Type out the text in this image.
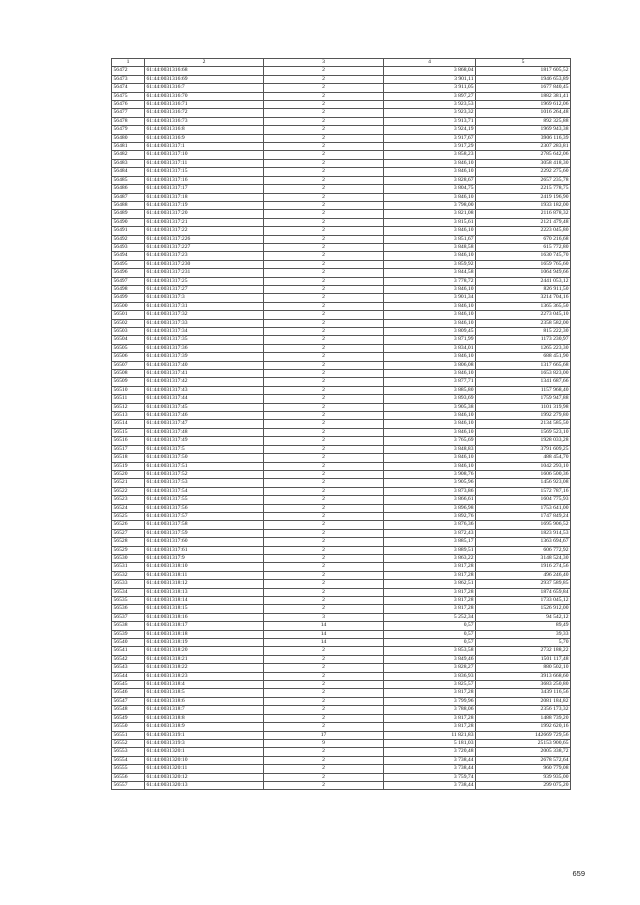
1	2	3	4	5
56472	61:44:0031316:68	2	3 868,04	1817 605,52
56473	61:44:0031316:69	2	3 901,11	1946 653,89
56474	61:44:0031316:7	2	3 911,05	1677 840,45
56475	61:44:0031316:70	2	3 897,27	1882 381,41
56476	61:44:0031316:71	2	3 923,53	1969 612,06
56477	61:44:0031316:72	2	3 923,32	1016 264,48
56478	61:44:0031316:73	2	3 913,71	892 325,88
56479	61:44:0031316:8	2	3 924,19	1969 943,38
56480	61:44:0031316:9	2	3 917,67	3906 116,39
56481	61:44:0031317:1	2	3 917,29	2307 283,81
56482	61:44:0031317:10	2	3 858,23	2785 642,06
56483	61:44:0031317:11	2	3 846,10	3058 418,30
56484	61:44:0031317:15	2	3 846,10	2292 275,60
56485	61:44:0031317:16	2	3 828,67	2657 235,78
56486	61:44:0031317:17	2	3 804,75	2215 778,75
56487	61:44:0031317:18	2	3 846,10	2419 196,90
56488	61:44:0031317:19	2	3 798,00	1933 182,00
56489	61:44:0031317:20	2	3 821,08	2116 878,32
56490	61:44:0031317:21	2	3 815,61	2121 479,48
56491	61:44:0031317:22	2	3 846,10	2223 045,80
56492	61:44:0031317:226	2	3 851,67	670 216,68
56493	61:44:0031317:227	2	3 848,58	615 772,80
56494	61:44:0031317:23	2	3 846,10	1630 745,70
56495	61:44:0031317:230	2	3 859,92	1659 765,60
56496	61:44:0031317:231	2	3 844,58	1064 949,66
56497	61:44:0031317:25	2	3 778,72	2441 053,12
56498	61:44:0031317:27	2	3 846,10	826 911,50
56499	61:44:0031317:3	2	3 901,34	3214 704,16
56500	61:44:0031317:31	2	3 846,10	1365 365,50
56501	61:44:0031317:32	2	3 846,10	2273 045,10
56502	61:44:0031317:33	2	3 846,10	2358 582,00
56503	61:44:0031317:34	2	3 809,45	815 222,30
56504	61:44:0031317:35	2	3 871,99	1173 230,97
56505	61:44:0031317:36	2	3 834,01	1265 223,30
56506	61:44:0031317:39	2	3 846,10	688 451,90
56507	61:44:0031317:40	2	3 806,08	1317 665,68
56508	61:44:0031317:41	2	3 846,10	1653 823,00
56509	61:44:0031317:42	2	3 877,71	1341 687,66
56510	61:44:0031317:43	2	3 885,80	1157 968,40
56511	61:44:0031317:44	2	3 893,69	1759 947,88
56512	61:44:0031317:45	2	3 905,38	1101 319,98
56513	61:44:0031317:46	2	3 846,10	1992 279,80
56514	61:44:0031317:47	2	3 846,10	2134 585,50
56515	61:44:0031317:48	2	3 846,10	1569 523,10
56516	61:44:0031317:49	2	3 765,69	1928 033,28
56517	61:44:0031317:5	2	3 848,83	3791 609,25
56518	61:44:0031317:50	2	3 846,10	488 454,70
56519	61:44:0031317:51	2	3 846,10	1042 293,10
56520	61:44:0031317:52	2	3 908,76	1606 500,36
56521	61:44:0031317:53	2	3 905,96	1456 923,08
56522	61:44:0031317:54	2	3 873,86	1572 787,16
56523	61:44:0031317:55	2	3 866,61	1604 775,93
56524	61:44:0031317:56	2	3 896,98	1753 641,00
56525	61:44:0031317:57	2	3 892,76	1747 849,24
56526	61:44:0031317:58	2	3 876,36	1695 906,52
56527	61:44:0031317:59	2	3 872,43	1823 914,53
56528	61:44:0031317:60	2	3 885,17	1363 694,67
56529	61:44:0031317:61	2	3 889,51	606 772,92
56530	61:44:0031317:9	2	3 863,22	3148 524,30
56531	61:44:0031318:10	2	3 817,28	1916 274,56
56532	61:44:0031318:11	2	3 817,28	496 246,40
56533	61:44:0031318:12	2	3 862,51	2937 589,85
56534	61:44:0031318:13	2	3 817,28	1874 659,84
56535	61:44:0031318:14	2	3 817,28	1733 045,12
56536	61:44:0031318:15	2	3 817,28	1526 912,00
56537	61:44:0031318:16	3	5 252,34	94 542,12
56538	61:44:0031318:17	14	0,57	89,49
56539	61:44:0031318:18	14	0,57	39,33
56540	61:44:0031318:19	14	0,57	5,70
56541	61:44:0031318:20	2	3 853,58	2732 188,22
56542	61:44:0031318:21	2	3 849,46	1501 117,48
56543	61:44:0031318:22	2	3 828,27	880 502,10
56544	61:44:0031318:23	2	3 836,93	3913 668,60
56545	61:44:0031318:4	2	3 825,57	3683 250,80
56546	61:44:0031318:5	2	3 817,28	3439 116,56
56547	61:44:0031318:6	2	3 799,96	2081 184,82
56548	61:44:0031318:7	2	3 788,06	2356 173,32
56549	61:44:0031318:8	2	3 817,28	1488 739,20
56550	61:44:0031318:9	2	3 817,28	1992 620,16
56551	61:44:0031319:1	17	11 821,83	142669 729,56
56552	61:44:0031319:3	9	5 181,03	25153 900,65
56553	61:44:0031320:1	2	3 720,48	2005 338,72
56554	61:44:0031320:10	2	3 738,44	2678 572,64
56555	61:44:0031320:11	2	3 738,44	960 779,08
56556	61:44:0031320:12	2	3 759,74	939 935,00
56557	61:44:0031320:13	2	3 738,44	299 075,20
659
